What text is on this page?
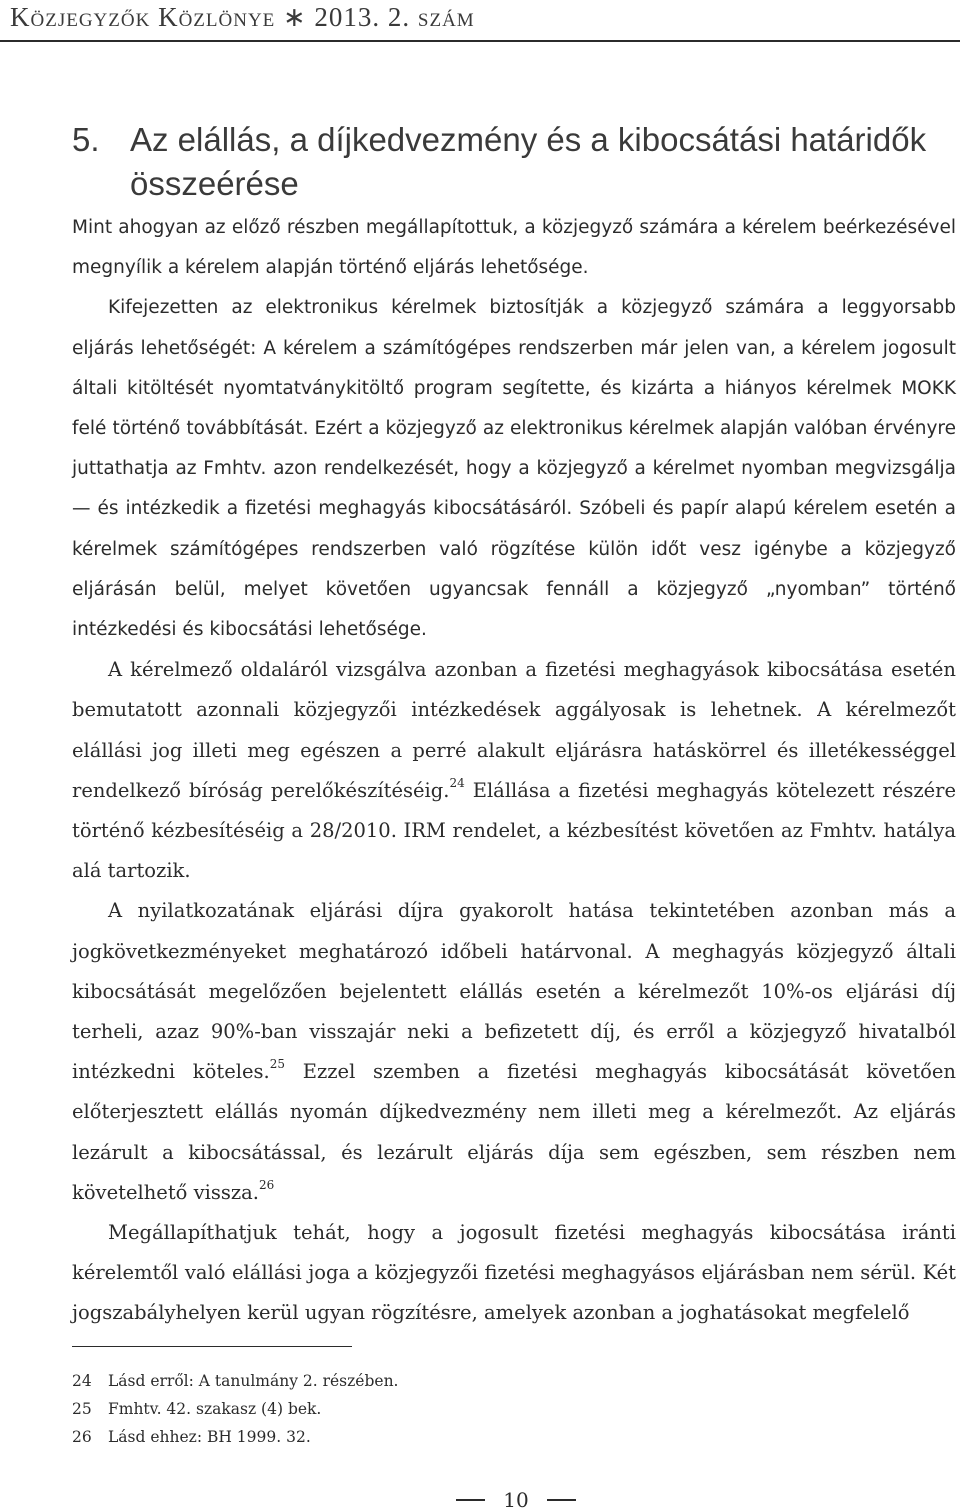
Közjegyzők Közlönye ∗ 2013. 2. szám
5. Az elállás, a díjkedvezmény és a kibocsátási határidők
összeérése

Mint ahogyan az előző részben megállapítottuk, a közjegyző számára a kérelem beérkezésével megnyílik a kérelem alapján történő eljárás lehetősége.

Kifejezetten az elektronikus kérelmek biztosítják a közjegyző számára a leggyorsabb eljárás lehetőségét: A kérelem a számítógépes rendszerben már jelen van, a kérelem jogosult általi kitöltését nyomtatványkitöltő program segítette, és kizárta a hiányos kérelmek MOKK felé történő továbbítását. Ezért a közjegyző az elektronikus kérelmek alapján valóban érvényre juttathatja az Fmhtv. azon rendelkezését, hogy a közjegyző a kérelmet nyomban megvizsgálja — és intézkedik a fizetési meghagyás kibocsátásáról. Szóbeli és papír alapú kérelem esetén a kérelmek számítógépes rendszerben való rögzítése külön időt vesz igénybe a közjegyző eljárásán belül, melyet követően ugyancsak fennáll a közjegyző „nyomban” történő intézkedési és kibocsátási lehetősége.

A kérelmező oldaláról vizsgálva azonban a fizetési meghagyások kibocsátása esetén bemutatott azonnali közjegyzői intézkedések aggályosak is lehetnek. A kérelmezőt elállási jog illeti meg egészen a perré alakult eljárásra hatáskörrel és illetékességgel rendelkező bíróság perelőkészítéséig.$^{24}$ Elállása a fizetési meghagyás kötelezett részére történő kézbesítéséig a 28/2010. IRM rendelet, a kézbesítést követően az Fmhtv. hatálya alá tartozik.

A nyilatkozatának eljárási díjra gyakorolt hatása tekintetében azonban más a jogkövetkezményeket meghatározó időbeli határvonal. A meghagyás közjegyző általi kibocsátását megelőzően bejelentett elállás esetén a kérelmezőt 10%-os eljárási díj terheli, azaz 90%-ban visszajár neki a befizetett díj, és erről a közjegyző hivatalból intézkedni köteles.$^{25}$ Ezzel szemben a fizetési meghagyás kibocsátását követően előterjesztett elállás nyomán díjkedvezmény nem illeti meg a kérelmezőt. Az eljárás lezárult a kibocsátással, és lezárult eljárás díja sem egészben, sem részben nem követelhető vissza.$^{26}$

Megállapíthatjuk tehát, hogy a jogosult fizetési meghagyás kibocsátása iránti kérelemtől való elállási joga a közjegyzői fizetési meghagyásos eljárásban nem sérül. Két jogszabályhelyen kerül ugyan rögzítésre, amelyek azonban a joghatásokat megfelelő

24	Lásd erről: A tanulmány 2. részében.
25	Fmhtv. 42. szakasz (4) bek.
26	Lásd ehhez: BH 1999. 32.
10
